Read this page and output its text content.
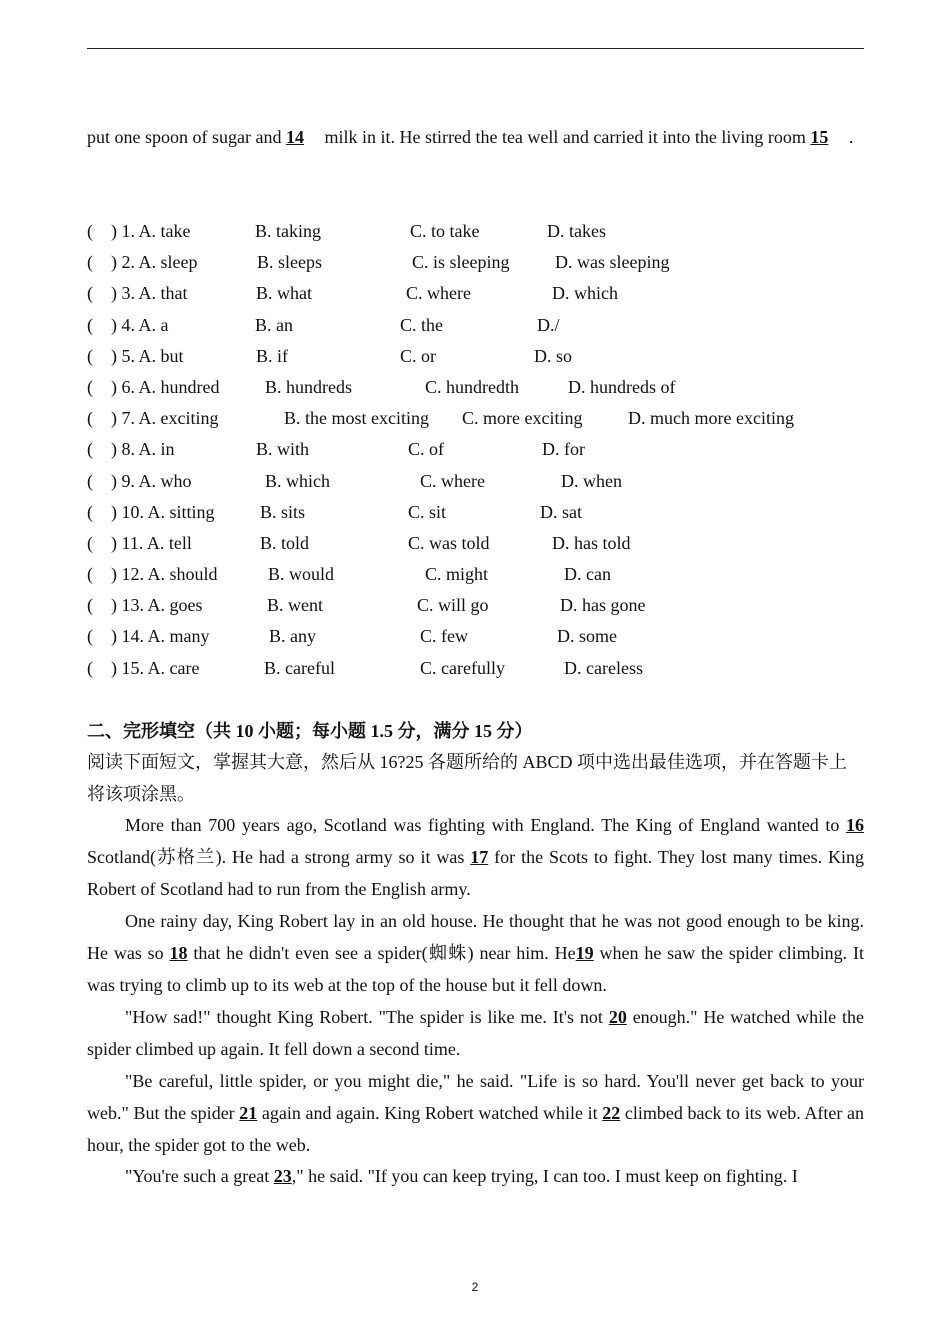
put one spoon of sugar and 14 milk in it. He stirred the tea well and carried it into the living room 15 .
( ) 1. A. take	B. taking	C. to take	D. takes
( ) 2. A. sleep	B. sleeps	C. is sleeping	D. was sleeping
( ) 3. A. that	B. what	C. where	D. which
( ) 4. A. a	B. an	C. the	D./
( ) 5. A. but	B. if	C. or	D. so
( ) 6. A. hundred	B. hundreds	C. hundredth	D. hundreds of
( ) 7. A. exciting	B. the most exciting C. more exciting	D. much more exciting
( ) 8. A. in	B. with	C. of	D. for
( ) 9. A. who	B. which	C. where	D. when
( ) 10. A. sitting	B. sits	C. sit	D. sat
( ) 11. A. tell	B. told	C. was told	D. has told
( ) 12. A. should	B. would	C. might	D. can
( ) 13. A. goes	B. went	C. will go	D. has gone
( ) 14. A. many	B. any	C. few	D. some
( ) 15. A. care	B. careful	C. carefully	D. careless
二、完形填空（共 10 小题；每小题 1.5 分，满分 15 分）
阅读下面短文，掌握其大意，然后从 16?25 各题所给的 ABCD 项中选出最佳选项，并在答题卡上将该项涂黑。
More than 700 years ago, Scotland was fighting with England. The King of England wanted to 16 Scotland(苏格兰). He had a strong army so it was 17 for the Scots to fight. They lost many times. King Robert of Scotland had to run from the English army.
One rainy day, King Robert lay in an old house. He thought that he was not good enough to be king. He was so 18 that he didn't even see a spider(蜘蛛) near him. He19 when he saw the spider climbing. It was trying to climb up to its web at the top of the house but it fell down.
"How sad!" thought King Robert. "The spider is like me. It's not 20 enough." He watched while the spider climbed up again. It fell down a second time.
"Be careful, little spider, or you might die," he said. "Life is so hard. You'll never get back to your web." But the spider 21 again and again. King Robert watched while it 22 climbed back to its web. After an hour, the spider got to the web.
"You're such a great 23," he said. "If you can keep trying, I can too. I must keep on fighting. I
2
